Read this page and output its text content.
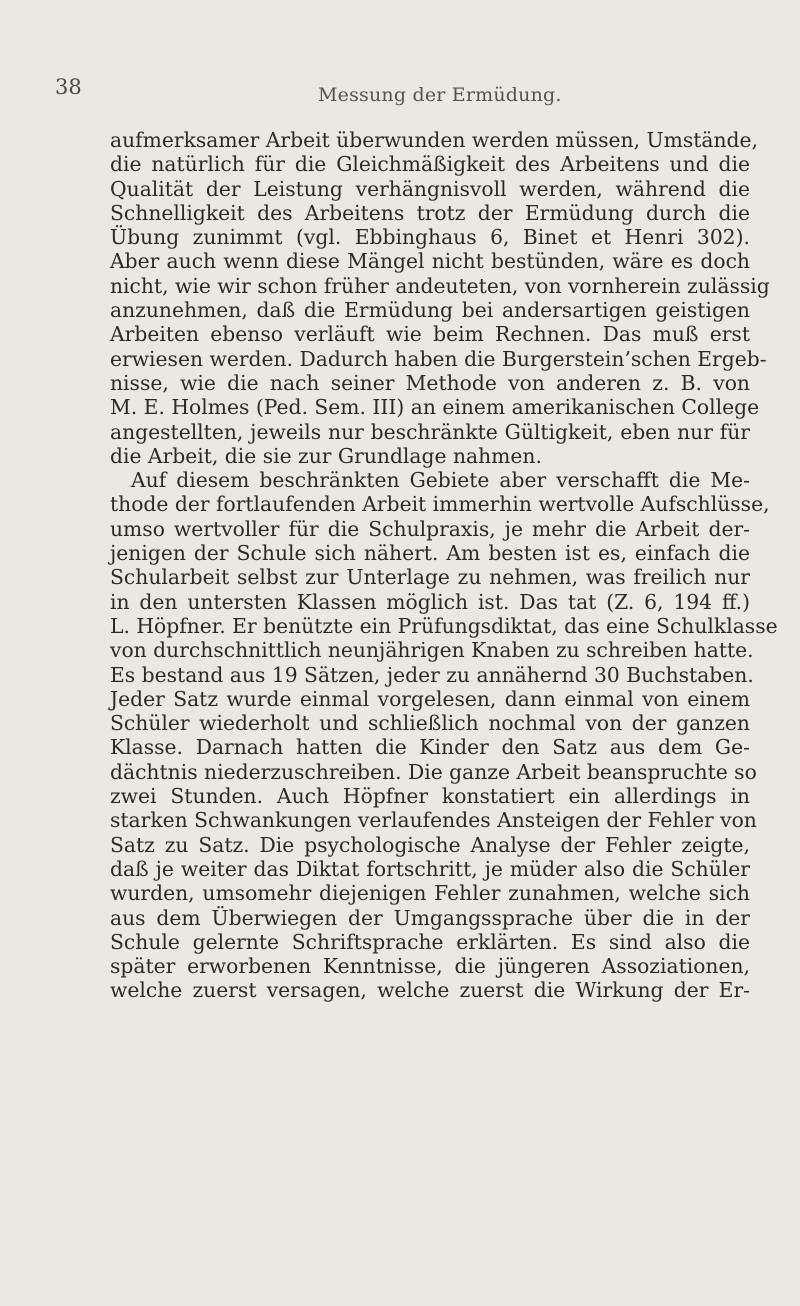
38	Messung der Ermüdung.

aufmerksamer Arbeit überwunden werden müssen, Umstände,
die natürlich für die Gleichmäßigkeit des Arbeitens und die
Qualität der Leistung verhängnisvoll werden, während die
Schnelligkeit des Arbeitens trotz der Ermüdung durch die
Übung zunimmt (vgl. Ebbinghaus 6, Binet et Henri 302).
Aber auch wenn diese Mängel nicht bestünden, wäre es doch
nicht, wie wir schon früher andeuteten, von vornherein zulässig
anzunehmen, daß die Ermüdung bei andersartigen geistigen
Arbeiten ebenso verläuft wie beim Rechnen. Das muß erst
erwiesen werden. Dadurch haben die Burgerstein’schen Ergeb-
nisse, wie die nach seiner Methode von anderen z. B. von
M. E. Holmes (Ped. Sem. III) an einem amerikanischen College
angestellten, jeweils nur beschränkte Gültigkeit, eben nur für
die Arbeit, die sie zur Grundlage nahmen.
Auf diesem beschränkten Gebiete aber verschafft die Me-
thode der fortlaufenden Arbeit immerhin wertvolle Aufschlüsse,
umso wertvoller für die Schulpraxis, je mehr die Arbeit der-
jenigen der Schule sich nähert. Am besten ist es, einfach die
Schularbeit selbst zur Unterlage zu nehmen, was freilich nur
in den untersten Klassen möglich ist. Das tat (Z. 6, 194 ff.)
L. Höpfner. Er benützte ein Prüfungsdiktat, das eine Schulklasse
von durchschnittlich neunjährigen Knaben zu schreiben hatte.
Es bestand aus 19 Sätzen, jeder zu annähernd 30 Buchstaben.
Jeder Satz wurde einmal vorgelesen, dann einmal von einem
Schüler wiederholt und schließlich nochmal von der ganzen
Klasse. Darnach hatten die Kinder den Satz aus dem Ge-
dächtnis niederzuschreiben. Die ganze Arbeit beanspruchte so
zwei Stunden. Auch Höpfner konstatiert ein allerdings in
starken Schwankungen verlaufendes Ansteigen der Fehler von
Satz zu Satz. Die psychologische Analyse der Fehler zeigte,
daß je weiter das Diktat fortschritt, je müder also die Schüler
wurden, umsomehr diejenigen Fehler zunahmen, welche sich
aus dem Überwiegen der Umgangssprache über die in der
Schule gelernte Schriftsprache erklärten. Es sind also die
später erworbenen Kenntnisse, die jüngeren Assoziationen,
welche zuerst versagen, welche zuerst die Wirkung der Er-
